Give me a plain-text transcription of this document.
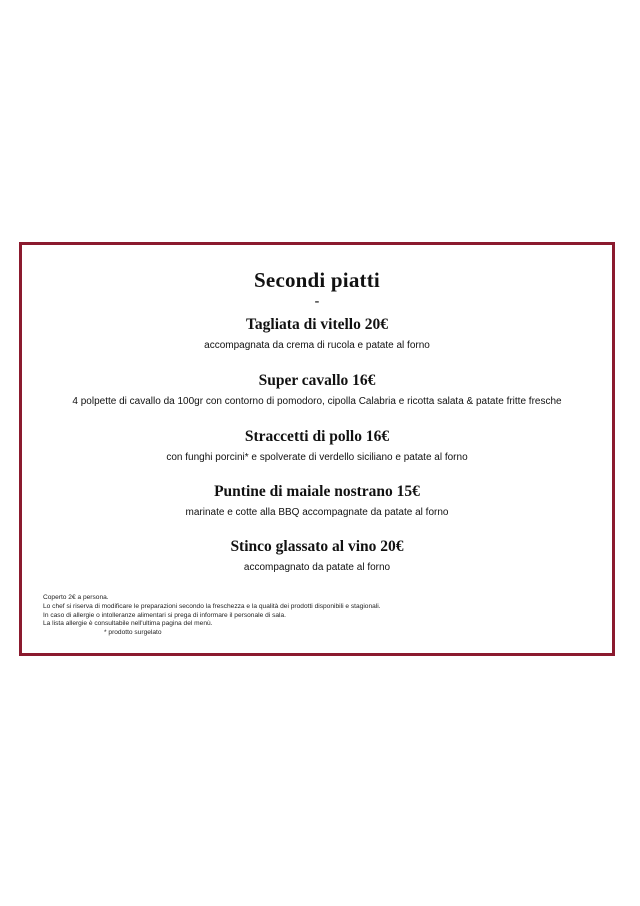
Secondi piatti
-
Tagliata di vitello 20€
accompagnata da crema di rucola e patate al forno
Super cavallo 16€
4 polpette di cavallo da 100gr con contorno di pomodoro, cipolla Calabria e ricotta salata & patate fritte fresche
Straccetti di pollo 16€
con funghi porcini* e spolverate di verdello siciliano e patate al forno
Puntine di maiale nostrano 15€
marinate e cotte alla BBQ accompagnate da patate al forno
Stinco glassato al vino 20€
accompagnato da patate al forno
Coperto 2€ a persona.
Lo chef si riserva di modificare le preparazioni secondo la freschezza e la qualità dei prodotti disponibili e stagionali.
In caso di allergie o intolleranze alimentari si prega di informare il personale di sala.
La lista allergie è consultabile nell'ultima pagina del menù.
* prodotto surgelato
